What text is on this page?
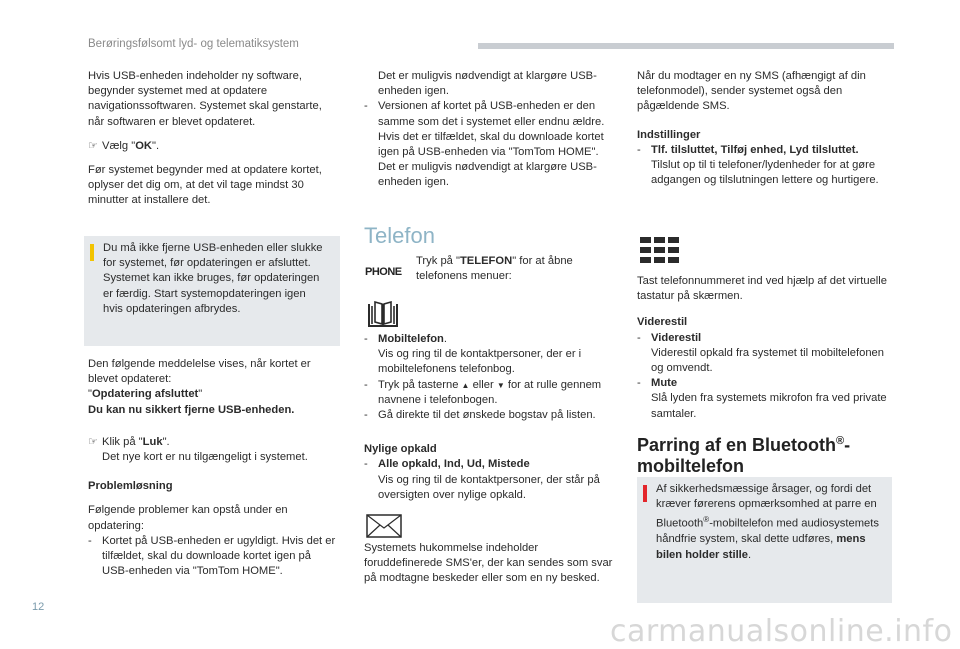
Berøringsfølsomt lyd- og telematiksystem

Hvis USB-enheden indeholder ny software, begynder systemet med at opdatere navigationssoftwaren. Systemet skal genstarte, når softwaren er blevet opdateret.

☞ Vælg "OK".

Før systemet begynder med at opdatere kortet, oplyser det dig om, at det vil tage mindst 30 minutter at installere det.

Du må ikke fjerne USB-enheden eller slukke for systemet, før opdateringen er afsluttet. Systemet kan ikke bruges, før opdateringen er færdig. Start systemopdateringen igen hvis opdateringen afbrydes.

Den følgende meddelelse vises, når kortet er blevet opdateret:

"Opdatering afsluttet"

Du kan nu sikkert fjerne USB-enheden.

☞ Klik på "Luk".
Det nye kort er nu tilgængeligt i systemet.

Problemløsning

Følgende problemer kan opstå under en opdatering:

- Kortet på USB-enheden er ugyldigt. Hvis det er tilfældet, skal du downloade kortet igen på USB-enheden via "TomTom HOME".

Det er muligvis nødvendigt at klargøre USB-enheden igen.

- Versionen af kortet på USB-enheden er den samme som det i systemet eller endnu ældre. Hvis det er tilfældet, skal du downloade kortet igen på USB-enheden via "TomTom HOME".

Det er muligvis nødvendigt at klargøre USB-enheden igen.

Telefon
PHONE
Tryk på "TELEFON" for at åbne telefonens menuer:
- Mobiltelefon.
Vis og ring til de kontaktpersoner, der er i mobiltelefonens telefonbog.
- Tryk på tasterne ▲ eller ▼ for at rulle gennem navnene i telefonbogen.
- Gå direkte til det ønskede bogstav på listen.

Nylige opkald

- Alle opkald, Ind, Ud, Mistede
Vis og ring til de kontaktpersoner, der står på oversigten over nylige opkald.

Systemets hukommelse indeholder foruddefinerede SMS'er, der kan sendes som svar på modtagne beskeder eller som en ny besked.

Når du modtager en ny SMS (afhængigt af din telefonmodel), sender systemet også den pågældende SMS.

Indstillinger

- Tlf. tilsluttet, Tilføj enhed, Lyd tilsluttet.
Tilslut op til ti telefoner/lydenheder for at gøre adgangen og tilslutningen lettere og hurtigere.

Tast telefonnummeret ind ved hjælp af det virtuelle tastatur på skærmen.

Viderestil

- Viderestil
Viderestil opkald fra systemet til mobiltelefonen og omvendt.
- Mute
Slå lyden fra systemets mikrofon fra ved private samtaler.
Parring af en Bluetooth®-
mobiltelefon
Af sikkerhedsmæssige årsager, og fordi det kræver førerens opmærksomhed at parre en Bluetooth®-mobiltelefon med audiosystemets håndfrie system, skal dette udføres, mens bilen holder stille.
12
carmanualsonline.info
